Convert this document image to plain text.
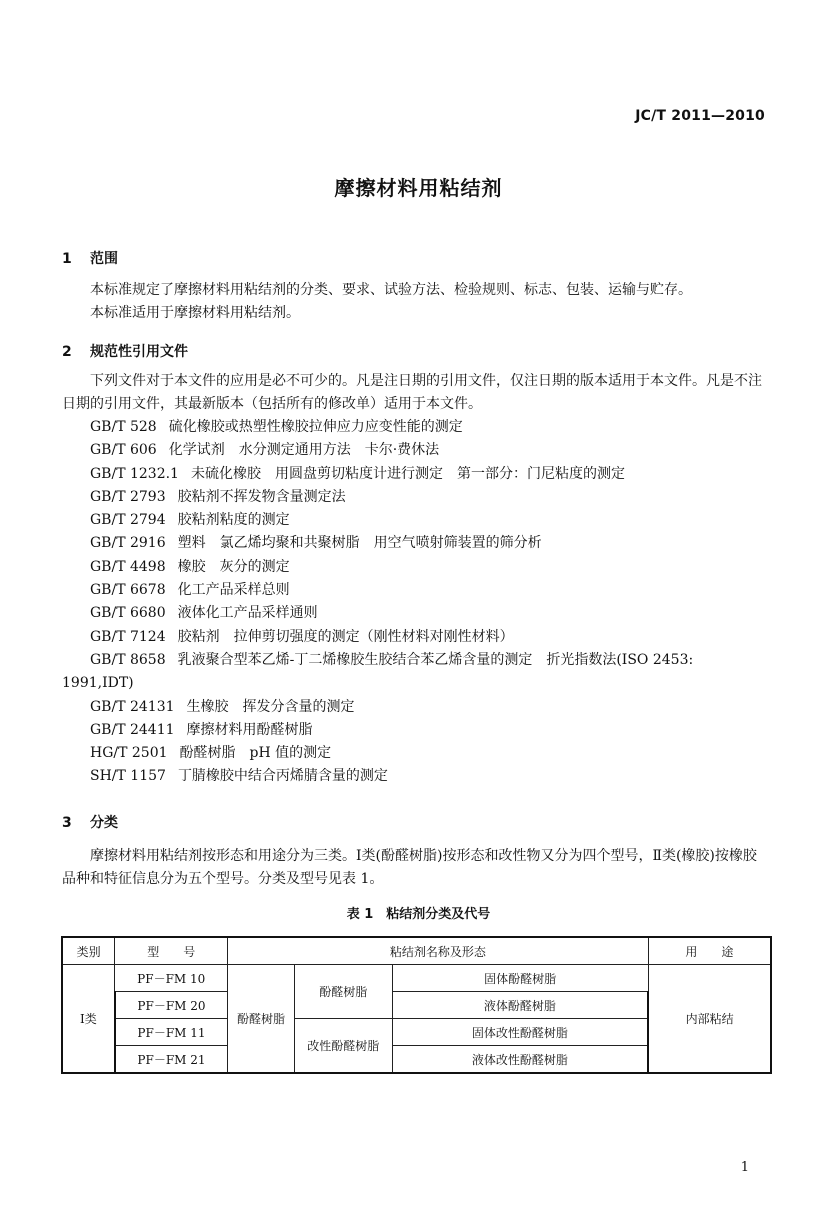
JC/T 2011—2010
摩擦材料用粘结剂
1 范围
本标准规定了摩擦材料用粘结剂的分类、要求、试验方法、检验规则、标志、包装、运输与贮存。
本标准适用于摩擦材料用粘结剂。
2 规范性引用文件
下列文件对于本文件的应用是必不可少的。凡是注日期的引用文件，仅注日期的版本适用于本文件。凡是不注日期的引用文件，其最新版本（包括所有的修改单）适用于本文件。
GB/T 528 硫化橡胶或热塑性橡胶拉伸应力应变性能的测定
GB/T 606 化学试剂　水分测定通用方法　卡尔·费休法
GB/T 1232.1 未硫化橡胶　用圆盘剪切粘度计进行测定　第一部分：门尼粘度的测定
GB/T 2793 胶粘剂不挥发物含量测定法
GB/T 2794 胶粘剂粘度的测定
GB/T 2916 塑料　氯乙烯均聚和共聚树脂　用空气喷射筛装置的筛分析
GB/T 4498 橡胶　灰分的测定
GB/T 6678 化工产品采样总则
GB/T 6680 液体化工产品采样通则
GB/T 7124 胶粘剂　拉伸剪切强度的测定（刚性材料对刚性材料）
GB/T 8658 乳液聚合型苯乙烯-丁二烯橡胶生胶结合苯乙烯含量的测定　折光指数法(ISO 2453:
1991,IDT)
GB/T 24131 生橡胶　挥发分含量的测定
GB/T 24411 摩擦材料用酚醛树脂
HG/T 2501 酚醛树脂　pH 值的测定
SH/T 1157 丁腈橡胶中结合丙烯腈含量的测定
3 分类
摩擦材料用粘结剂按形态和用途分为三类。Ⅰ类(酚醛树脂)按形态和改性物又分为四个型号，Ⅱ类(橡胶)按橡胶品种和特征信息分为五个型号。分类及型号见表 1。
表 1　粘结剂分类及代号
类别	型　　号	粘结剂名称及形态			用　　途
Ⅰ类	PF－FM 10	酚醛树脂	酚醛树脂	固体酚醛树脂	内部粘结
	PF－FM 20			液体酚醛树脂	
	PF－FM 11		改性酚醛树脂	固体改性酚醛树脂	
	PF－FM 21			液体改性酚醛树脂	
1
